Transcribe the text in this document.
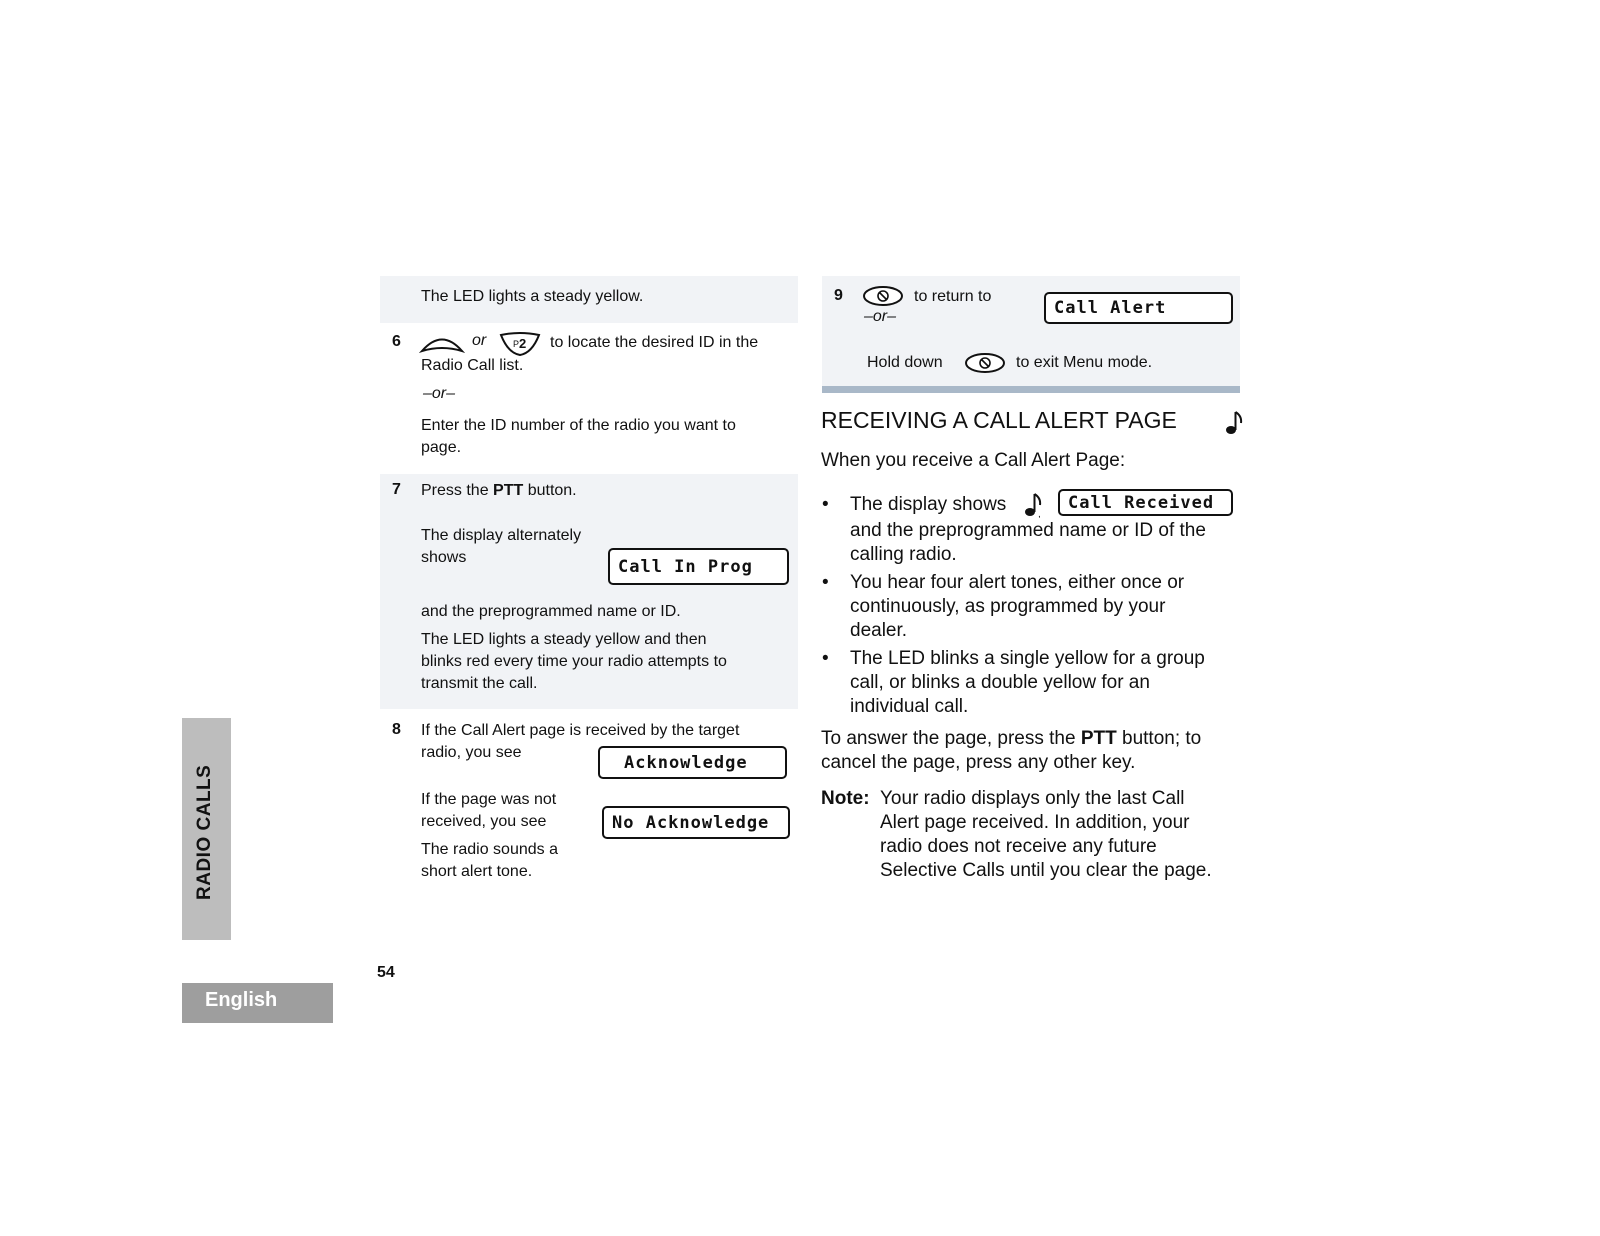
RADIO CALLS
English
54
The LED lights a steady yellow.
6	or	P 2 to locate the desired ID in the
Radio Call list.
–or–
Enter the ID number of the radio you want to
page.
7 Press the PTT button.
The display alternately
shows	Call In Prog
and the preprogrammed name or ID.
The LED lights a steady yellow and then
blinks red every time your radio attempts to
transmit the call.
8 If the Call Alert page is received by the target
radio, you see	Acknowledge
If the page was not
received, you see	No Acknowledge
The radio sounds a
short alert tone.
9	to return to
–or–	Call Alert
Hold down	to exit Menu mode.
RECEIVING A CALL ALERT PAGE
When you receive a Call Alert Page:
• The display shows	,
Call Received
and the preprogrammed name or ID of the
calling radio.
• You hear four alert tones, either once or
continuously, as programmed by your
dealer.
• The LED blinks a single yellow for a group
call, or blinks a double yellow for an
individual call.
To answer the page, press the PTT button; to
cancel the page, press any other key.
Note: Your radio displays only the last Call
Alert page received. In addition, your
radio does not receive any future
Selective Calls until you clear the page.
